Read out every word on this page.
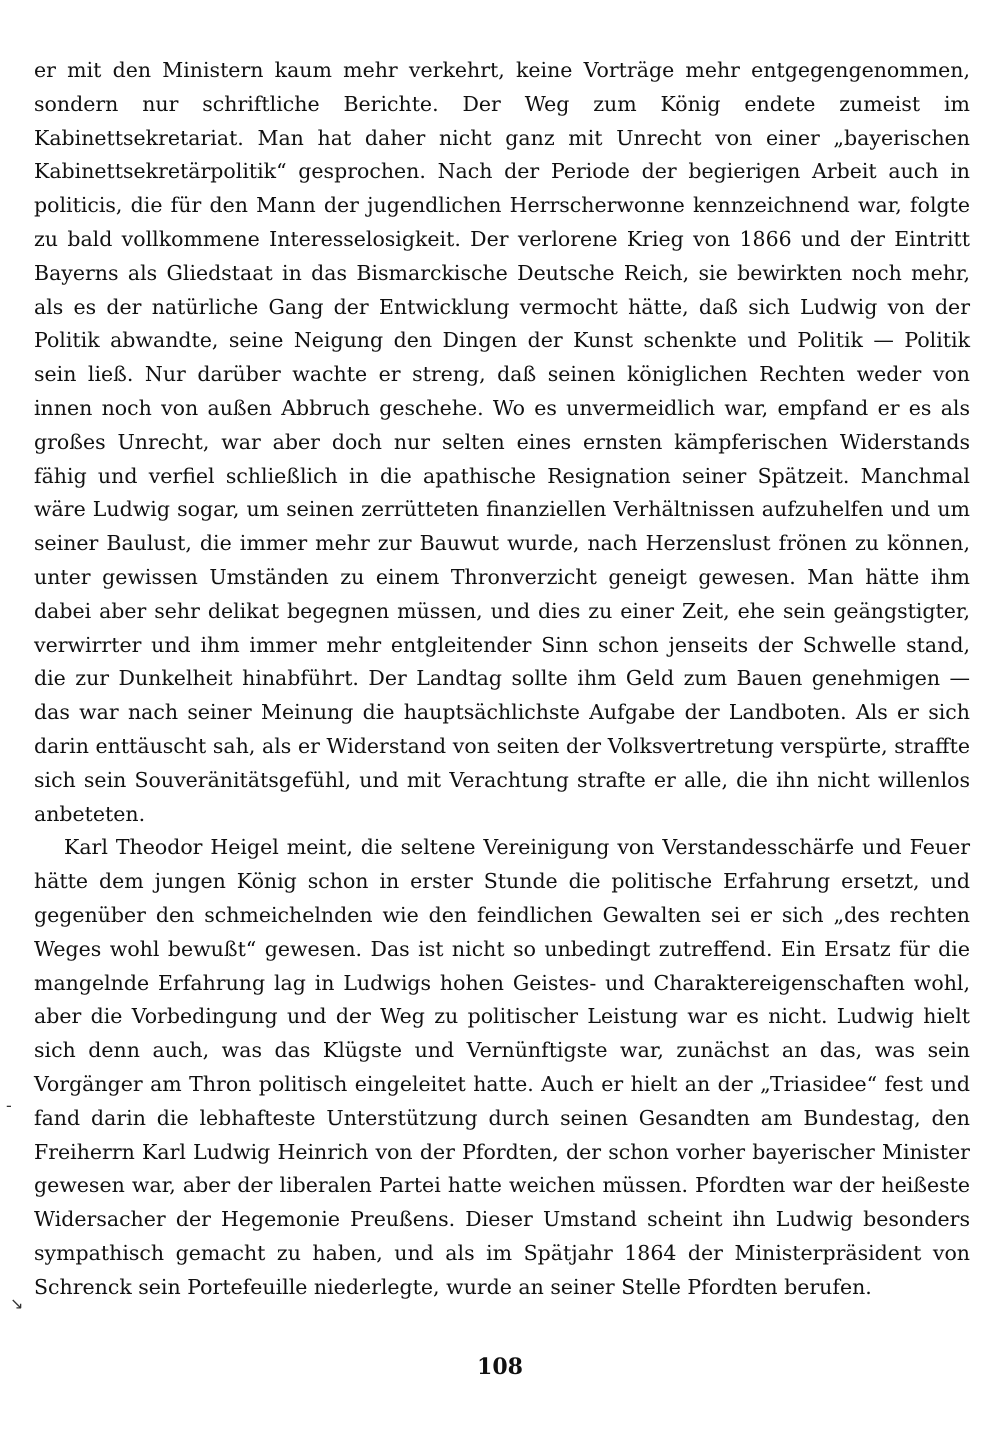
er mit den Ministern kaum mehr verkehrt, keine Vorträge mehr entgegengenommen, sondern nur schriftliche Berichte. Der Weg zum König endete zumeist im Kabinettsekretariat. Man hat daher nicht ganz mit Unrecht von einer „bayerischen Kabinettsekretärpolitik“ gesprochen. Nach der Periode der begierigen Arbeit auch in politicis, die für den Mann der jugendlichen Herrscherwonne kennzeichnend war, folgte zu bald vollkommene Interesselosigkeit. Der verlorene Krieg von 1866 und der Eintritt Bayerns als Gliedstaat in das Bismarckische Deutsche Reich, sie bewirkten noch mehr, als es der natürliche Gang der Entwicklung vermocht hätte, daß sich Ludwig von der Politik abwandte, seine Neigung den Dingen der Kunst schenkte und Politik — Politik sein ließ. Nur darüber wachte er streng, daß seinen königlichen Rechten weder von innen noch von außen Abbruch geschehe. Wo es unvermeidlich war, empfand er es als großes Unrecht, war aber doch nur selten eines ernsten kämpferischen Widerstands fähig und verfiel schließlich in die apathische Resignation seiner Spätzeit. Manchmal wäre Ludwig sogar, um seinen zerrütteten finanziellen Verhältnissen aufzuhelfen und um seiner Baulust, die immer mehr zur Bauwut wurde, nach Herzenslust frönen zu können, unter gewissen Umständen zu einem Thronverzicht geneigt gewesen. Man hätte ihm dabei aber sehr delikat begegnen müssen, und dies zu einer Zeit, ehe sein geängstigter, verwirrter und ihm immer mehr entgleitender Sinn schon jenseits der Schwelle stand, die zur Dunkelheit hinabführt. Der Landtag sollte ihm Geld zum Bauen genehmigen — das war nach seiner Meinung die hauptsächlichste Aufgabe der Landboten. Als er sich darin enttäuscht sah, als er Widerstand von seiten der Volksvertretung verspürte, straffte sich sein Souveränitätsgefühl, und mit Verachtung strafte er alle, die ihn nicht willenlos anbeteten.

Karl Theodor Heigel meint, die seltene Vereinigung von Verstandesschärfe und Feuer hätte dem jungen König schon in erster Stunde die politische Erfahrung ersetzt, und gegenüber den schmeichelnden wie den feindlichen Gewalten sei er sich „des rechten Weges wohl bewußt“ gewesen. Das ist nicht so unbedingt zutreffend. Ein Ersatz für die mangelnde Erfahrung lag in Ludwigs hohen Geistes- und Charaktereigenschaften wohl, aber die Vorbedingung und der Weg zu politischer Leistung war es nicht. Ludwig hielt sich denn auch, was das Klügste und Vernünftigste war, zunächst an das, was sein Vorgänger am Thron politisch eingeleitet hatte. Auch er hielt an der „Triasidee“ fest und fand darin die lebhafteste Unterstützung durch seinen Gesandten am Bundestag, den Freiherrn Karl Ludwig Heinrich von der Pfordten, der schon vorher bayerischer Minister gewesen war, aber der liberalen Partei hatte weichen müssen. Pfordten war der heißeste Widersacher der Hegemonie Preußens. Dieser Umstand scheint ihn Ludwig besonders sympathisch gemacht zu haben, und als im Spätjahr 1864 der Ministerpräsident von Schrenck sein Portefeuille niederlegte, wurde an seiner Stelle Pfordten berufen.

-
↘
108
